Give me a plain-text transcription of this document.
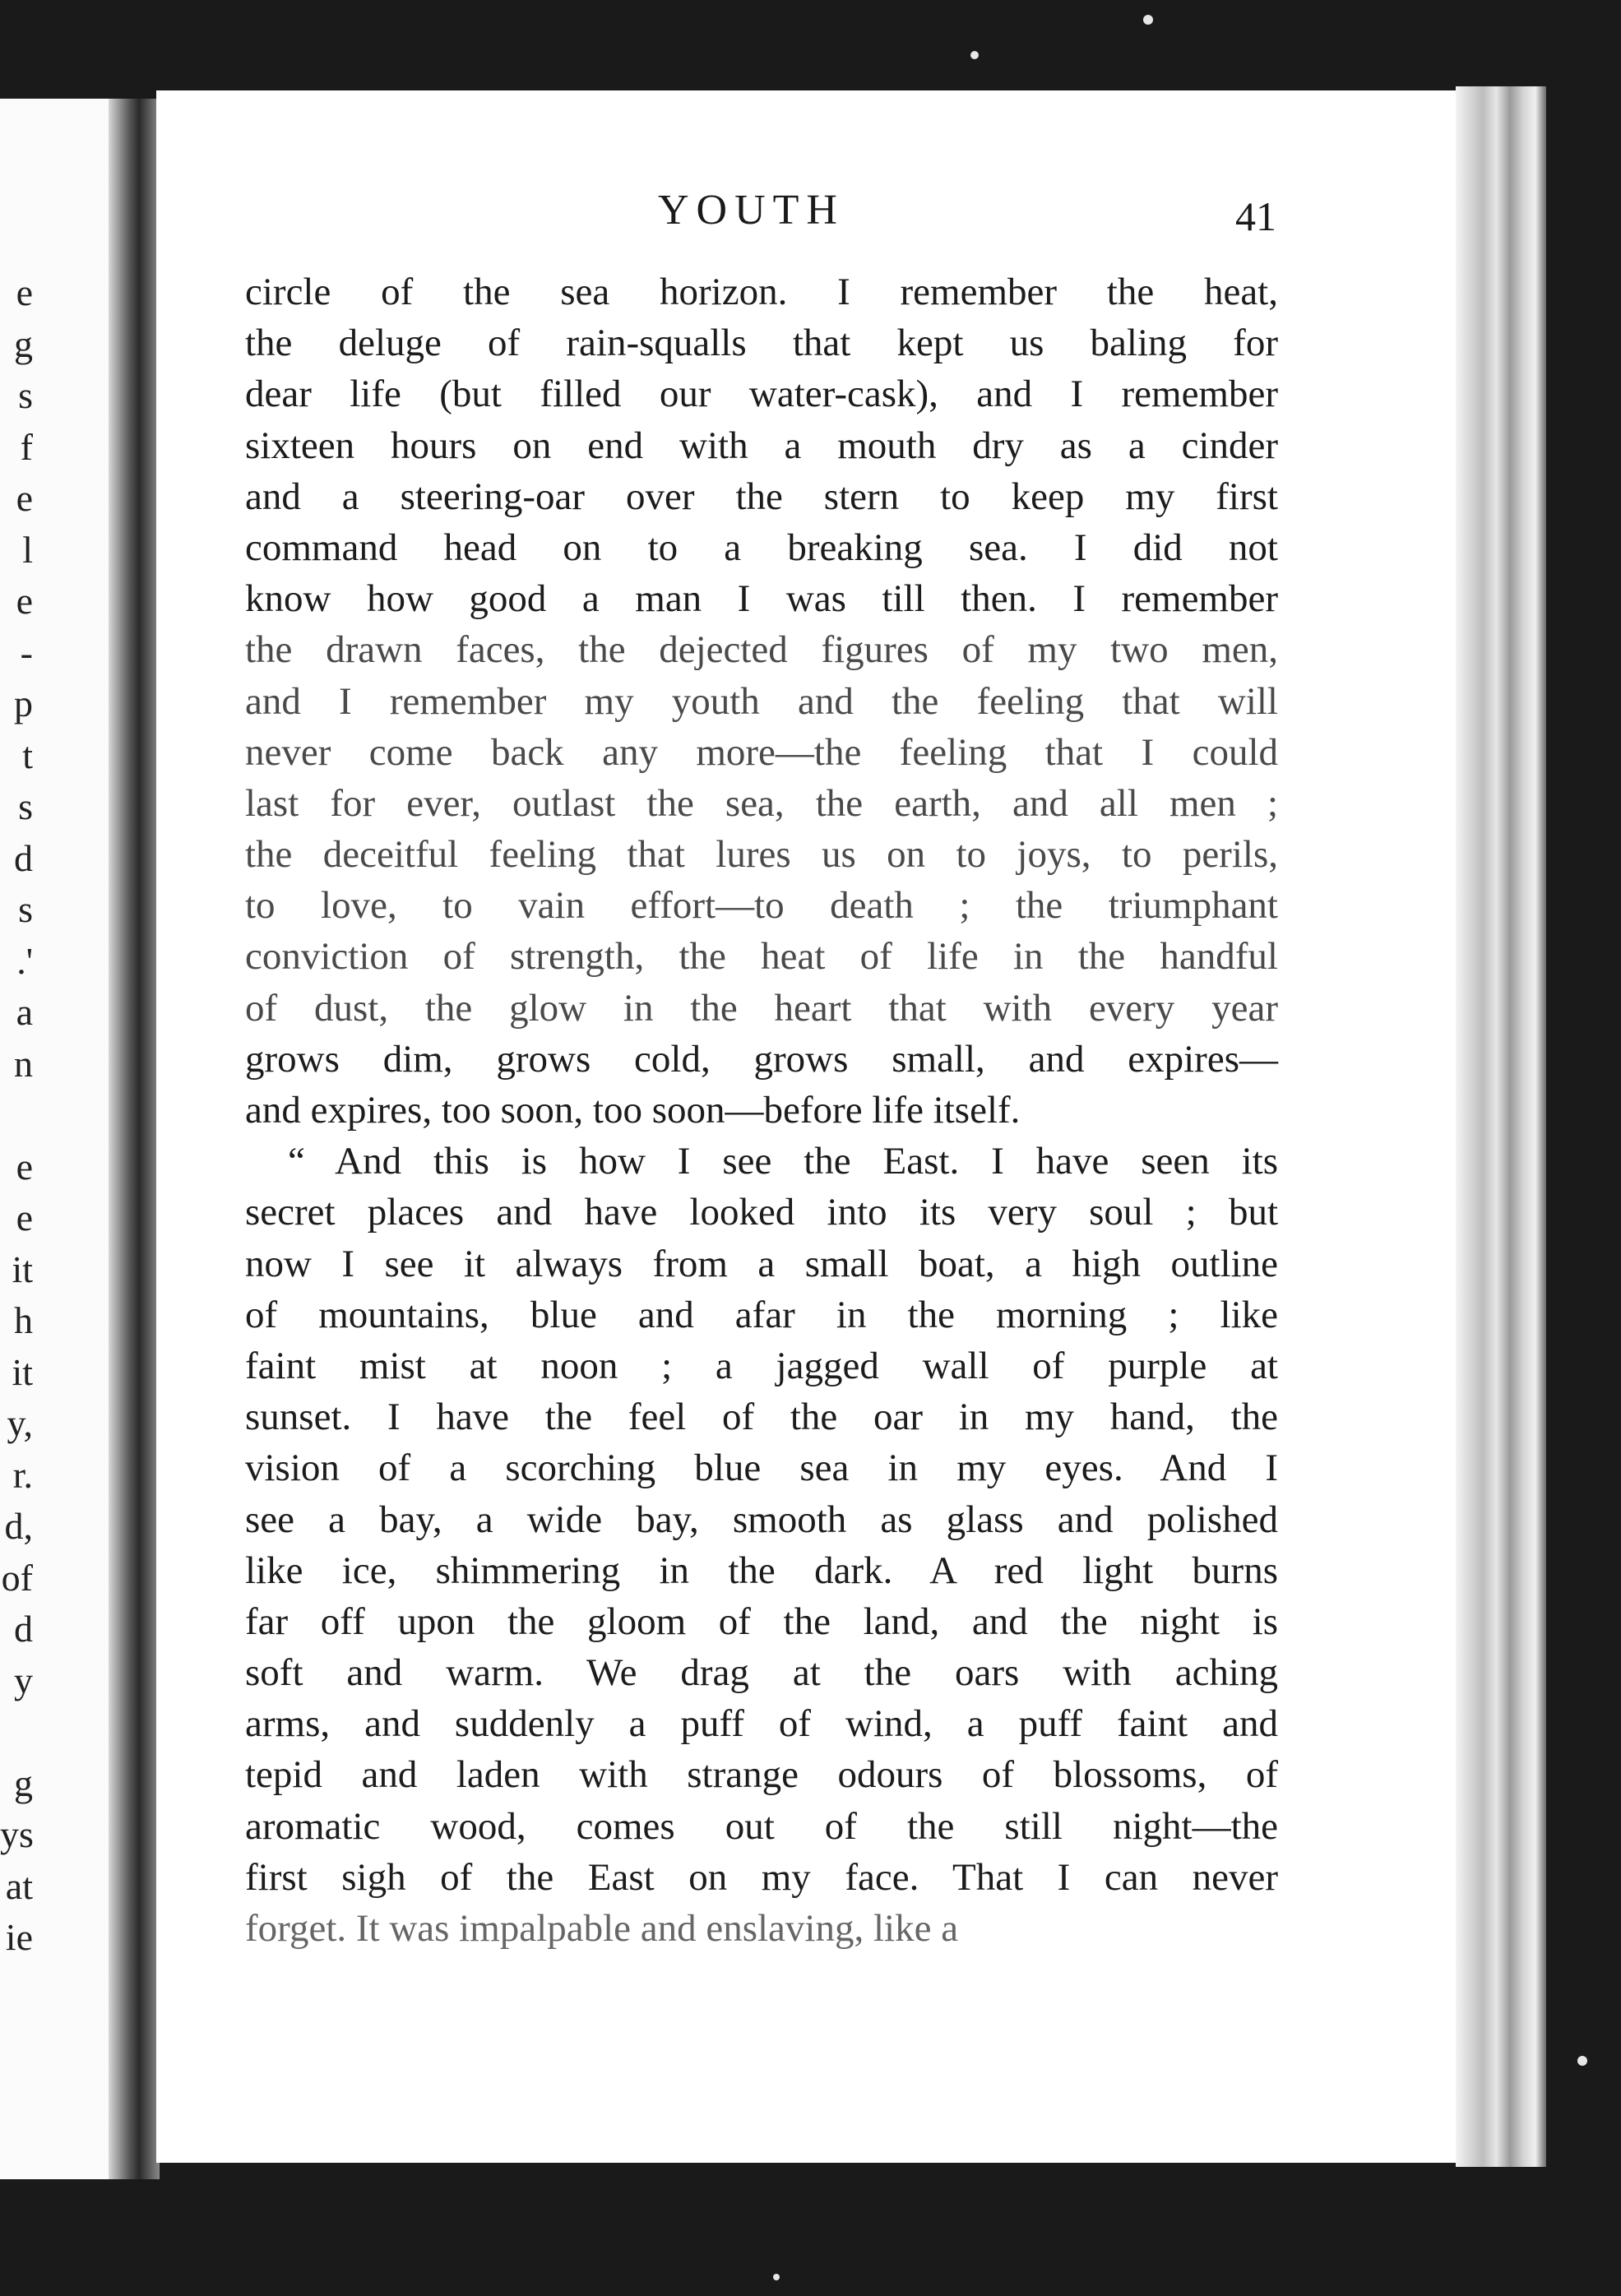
e
g
s
f
e
l
e
-
p
t
s
d
s
.'
a
n
e
e
it
h
it
y,
r.
d,
of
d
y
g
ys
at
ie
YOUTH	41
circle of the sea horizon. I remember the heat,
the deluge of rain-squalls that kept us baling for
dear life (but filled our water-cask), and I remember
sixteen hours on end with a mouth dry as a cinder
and a steering-oar over the stern to keep my first
command head on to a breaking sea. I did not
know how good a man I was till then. I remember
the drawn faces, the dejected figures of my two men,
and I remember my youth and the feeling that will
never come back any more—the feeling that I could
last for ever, outlast the sea, the earth, and all men ;
the deceitful feeling that lures us on to joys, to perils,
to love, to vain effort—to death ; the triumphant
conviction of strength, the heat of life in the handful
of dust, the glow in the heart that with every year
grows dim, grows cold, grows small, and expires—
and expires, too soon, too soon—before life itself.
“ And this is how I see the East. I have seen its
secret places and have looked into its very soul ; but
now I see it always from a small boat, a high outline
of mountains, blue and afar in the morning ; like
faint mist at noon ; a jagged wall of purple at
sunset. I have the feel of the oar in my hand, the
vision of a scorching blue sea in my eyes. And I
see a bay, a wide bay, smooth as glass and polished
like ice, shimmering in the dark. A red light burns
far off upon the gloom of the land, and the night is
soft and warm. We drag at the oars with aching
arms, and suddenly a puff of wind, a puff faint and
tepid and laden with strange odours of blossoms, of
aromatic wood, comes out of the still night—the
first sigh of the East on my face. That I can never
forget. It was impalpable and enslaving, like a
